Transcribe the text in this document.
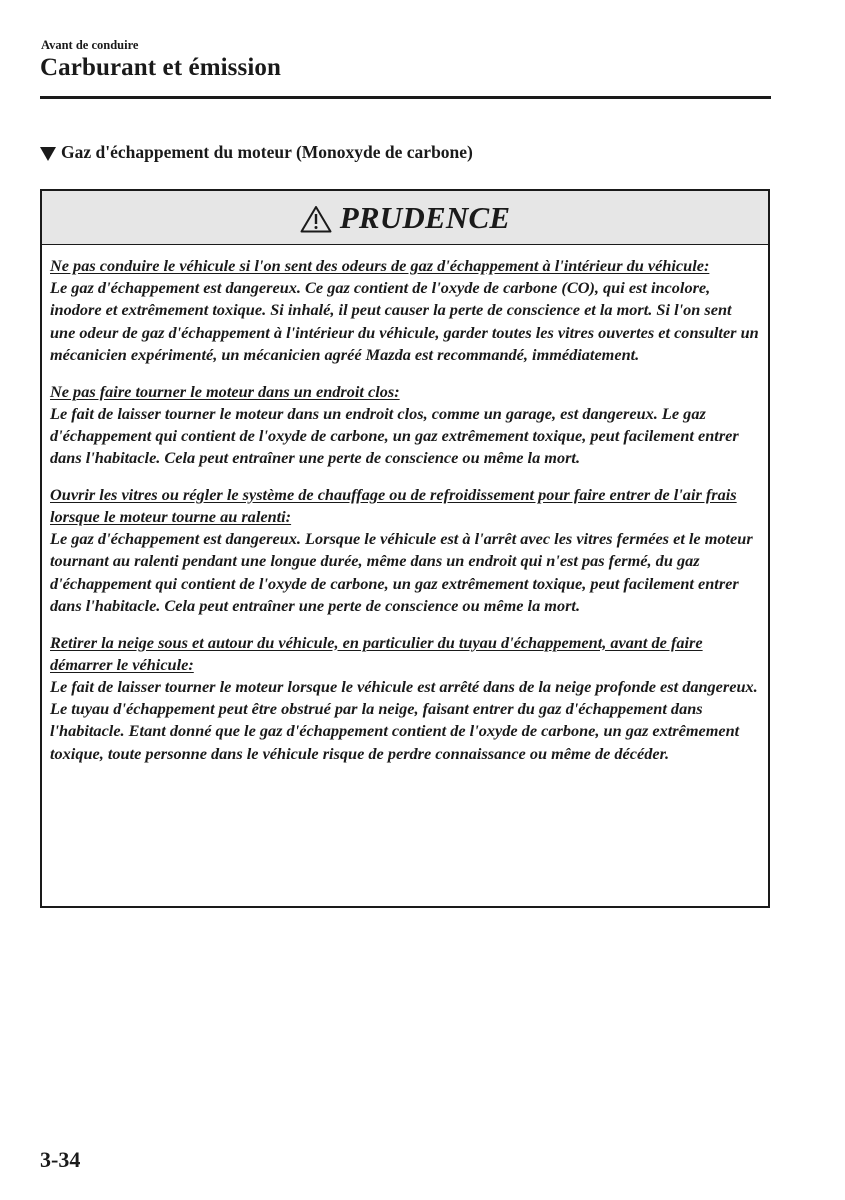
Avant de conduire
Carburant et émission
Gaz d'échappement du moteur (Monoxyde de carbone)
PRUDENCE
Ne pas conduire le véhicule si l'on sent des odeurs de gaz d'échappement à l'intérieur du véhicule:
Le gaz d'échappement est dangereux. Ce gaz contient de l'oxyde de carbone (CO), qui est incolore, inodore et extrêmement toxique. Si inhalé, il peut causer la perte de conscience et la mort. Si l'on sent une odeur de gaz d'échappement à l'intérieur du véhicule, garder toutes les vitres ouvertes et consulter un mécanicien expérimenté, un mécanicien agréé Mazda est recommandé, immédiatement.
Ne pas faire tourner le moteur dans un endroit clos:
Le fait de laisser tourner le moteur dans un endroit clos, comme un garage, est dangereux. Le gaz d'échappement qui contient de l'oxyde de carbone, un gaz extrêmement toxique, peut facilement entrer dans l'habitacle. Cela peut entraîner une perte de conscience ou même la mort.
Ouvrir les vitres ou régler le système de chauffage ou de refroidissement pour faire entrer de l'air frais lorsque le moteur tourne au ralenti:
Le gaz d'échappement est dangereux. Lorsque le véhicule est à l'arrêt avec les vitres fermées et le moteur tournant au ralenti pendant une longue durée, même dans un endroit qui n'est pas fermé, du gaz d'échappement qui contient de l'oxyde de carbone, un gaz extrêmement toxique, peut facilement entrer dans l'habitacle. Cela peut entraîner une perte de conscience ou même la mort.
Retirer la neige sous et autour du véhicule, en particulier du tuyau d'échappement, avant de faire démarrer le véhicule:
Le fait de laisser tourner le moteur lorsque le véhicule est arrêté dans de la neige profonde est dangereux. Le tuyau d'échappement peut être obstrué par la neige, faisant entrer du gaz d'échappement dans l'habitacle. Etant donné que le gaz d'échappement contient de l'oxyde de carbone, un gaz extrêmement toxique, toute personne dans le véhicule risque de perdre connaissance ou même de décéder.
3-34
